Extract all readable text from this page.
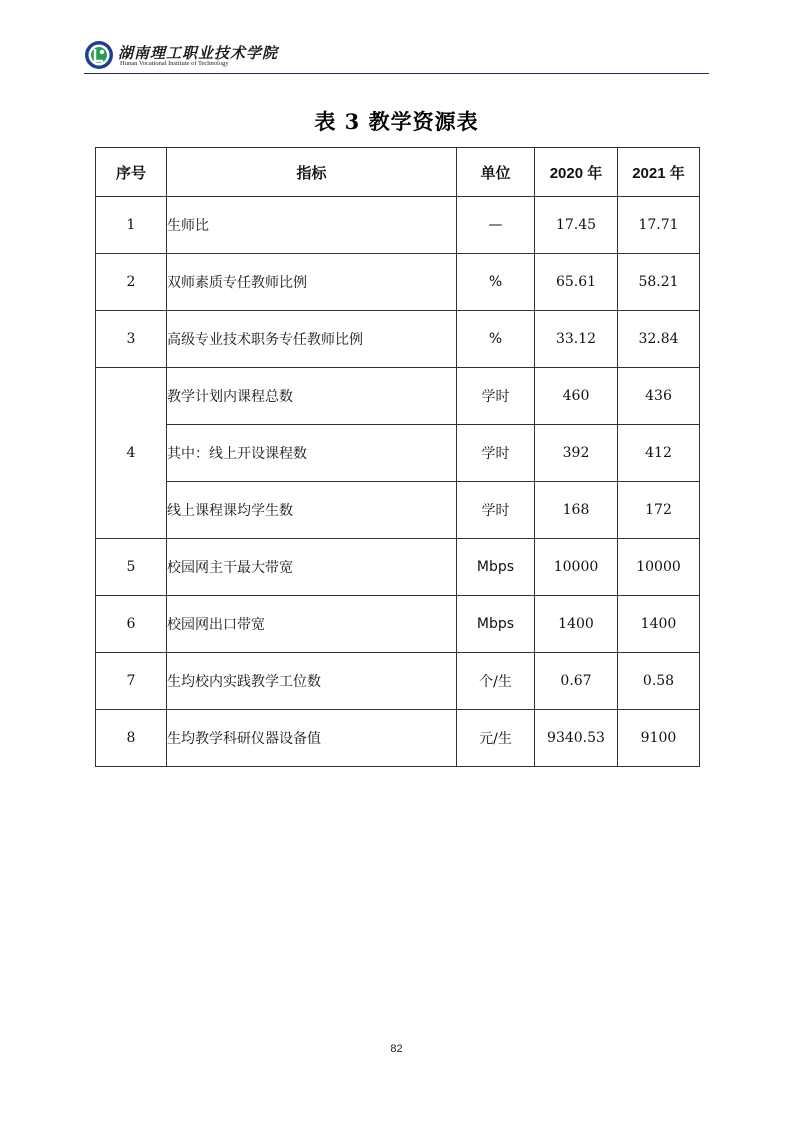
湖南理工职业技术学院
Hunan Vocational Institute of Technology
表 3 教学资源表
序号	指标	单位	2020 年	2021 年
1	生师比	—	17.45	17.71
2	双师素质专任教师比例	%	65.61	58.21
3	高级专业技术职务专任教师比例	%	33.12	32.84
4	教学计划内课程总数	学时	460	436
	其中：线上开设课程数	学时	392	412
	线上课程课均学生数	学时	168	172
5	校园网主干最大带宽	Mbps	10000	10000
6	校园网出口带宽	Mbps	1400	1400
7	生均校内实践教学工位数	个/生	0.67	0.58
8	生均教学科研仪器设备值	元/生	9340.53	9100
82
